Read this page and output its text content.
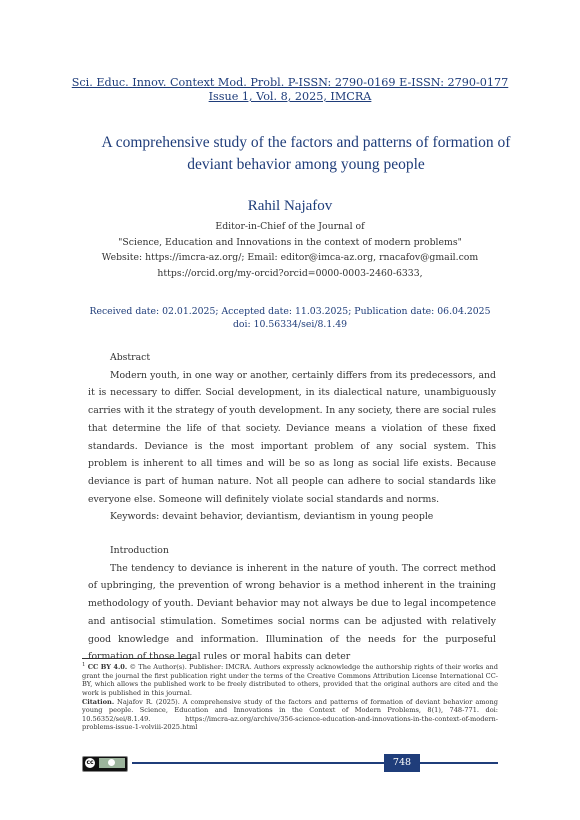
Sci. Educ. Innov. Context Mod. Probl. P-ISSN: 2790-0169 E-ISSN: 2790-0177
Issue 1, Vol. 8, 2025, IMCRA
A comprehensive study of the factors and patterns of formation of deviant behavior among young people
Rahil Najafov
Editor-in-Chief of the Journal of
"Science, Education and Innovations in the context of modern problems"
Website: https://imcra-az.org/; Email: editor@imca-az.org, rnacafov@gmail.com
https://orcid.org/my-orcid?orcid=0000-0003-2460-6333,
Received date: 02.01.2025; Accepted date: 11.03.2025; Publication date: 06.04.2025
doi: 10.56334/sei/8.1.49

Abstract

Modern youth, in one way or another, certainly differs from its predecessors, and it is necessary to differ. Social development, in its dialectical nature, unambiguously carries with it the strategy of youth development. In any society, there are social rules that determine the life of that society. Deviance means a violation of these fixed standards. Deviance is the most important problem of any social system. This problem is inherent to all times and will be so as long as social life exists. Because deviance is part of human nature. Not all people can adhere to social standards like everyone else. Someone will definitely violate social standards and norms.

Keywords: devaint behavior, deviantism, deviantism in young people

Introduction

The tendency to deviance is inherent in the nature of youth. The correct method of upbringing, the prevention of wrong behavior is a method inherent in the training methodology of youth. Deviant behavior may not always be due to legal incompetence and antisocial stimulation. Sometimes social norms can be adjusted with relatively good knowledge and information. Illumination of the needs for the purposeful formation of those legal rules or moral habits can deter

$^1$ CC BY 4.0. © The Author(s). Publisher: IMCRA. Authors expressly acknowledge the authorship rights of their works and grant the journal the first publication right under the terms of the Creative Commons Attribution License International CC-BY, which allows the published work to be freely distributed to others, provided that the original authors are cited and the work is published in this journal.

Citation. Najafov R. (2025). A comprehensive study of the factors and patterns of formation of deviant behavior among young people. Science, Education and Innovations in the Context of Modern Problems, 8(1), 748-771. doi: 10.56352/sei/8.1.49. https://imcra-az.org/archive/356-science-education-and-innovations-in-the-context-of-modern-problems-issue-1-volviii-2025.html

cc	748
